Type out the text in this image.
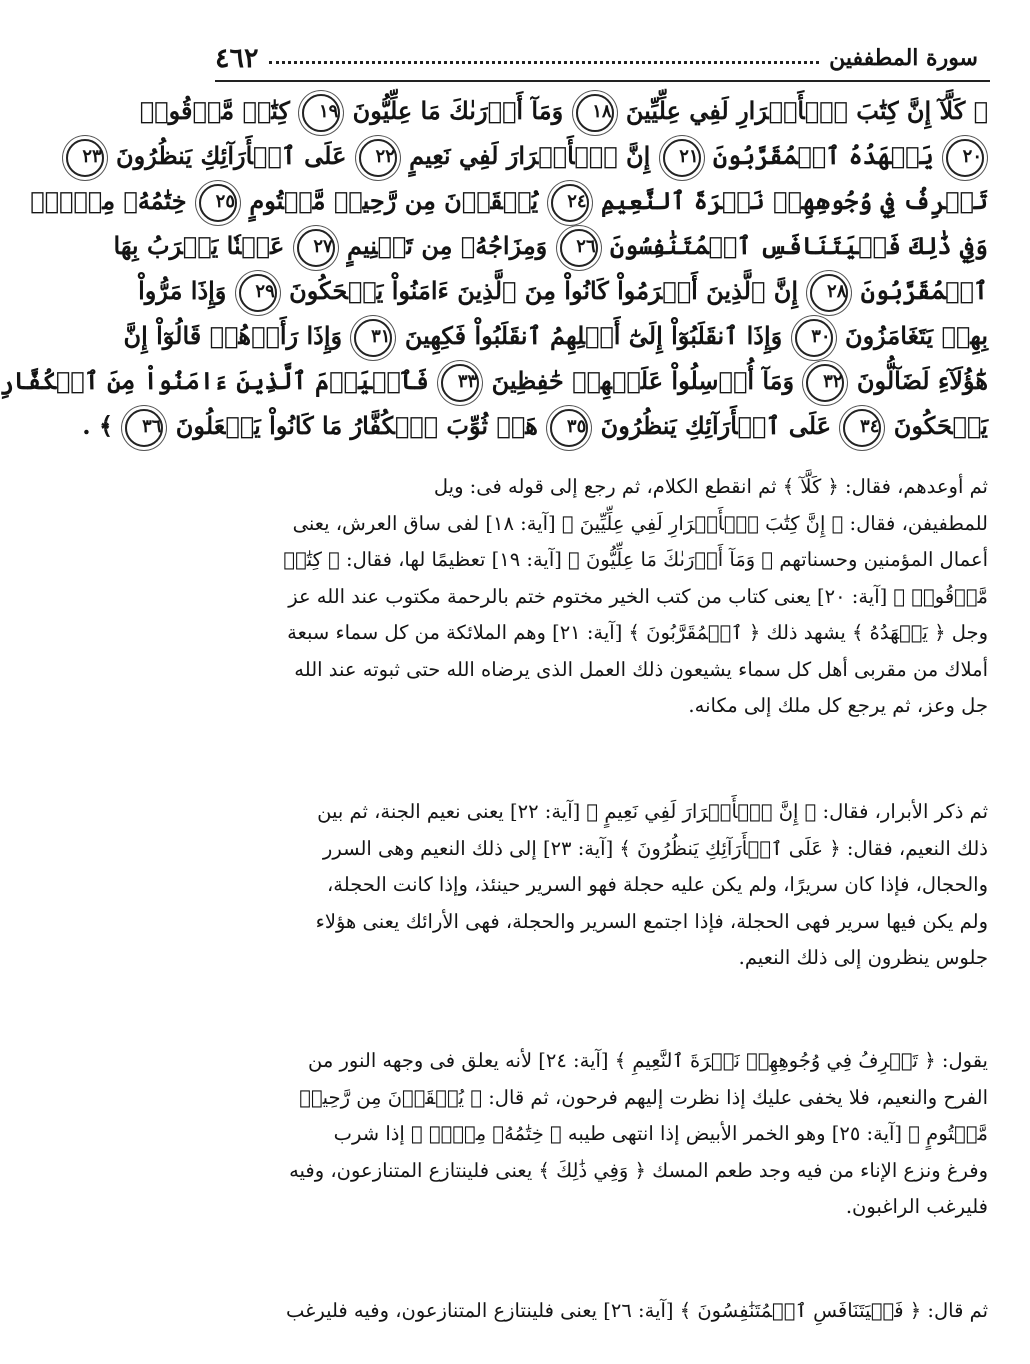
سورة المطففين
٤٦٢
﴿ كَلَّآ إِنَّ كِتَٰبَ ٱلۡأَبۡرَارِ لَفِي عِلِّيِّينَ ١٨ وَمَآ أَدۡرَىٰكَ مَا عِلِّيُّونَ ١٩ كِتَٰبٞ مَّرۡقُومٞ
٢٠ يَشۡهَدُهُ ٱلۡمُقَرَّبُونَ ٢١ إِنَّ ٱلۡأَبۡرَارَ لَفِي نَعِيمٍ ٢٢ عَلَى ٱلۡأَرَآئِكِ يَنظُرُونَ ٢٣
تَعۡرِفُ فِي وُجُوهِهِمۡ نَضۡرَةَ ٱلنَّعِيمِ ٢٤ يُسۡقَوۡنَ مِن رَّحِيقٖ مَّخۡتُومٍ ٢٥ خِتَٰمُهُۥ مِسۡكٞۚ
وَفِي ذَٰلِكَ فَلۡيَتَنَافَسِ ٱلۡمُتَنَٰفِسُونَ ٢٦ وَمِزَاجُهُۥ مِن تَسۡنِيمٍ ٢٧ عَيۡنٗا يَشۡرَبُ بِهَا
ٱلۡمُقَرَّبُونَ ٢٨ إِنَّ ٱلَّذِينَ أَجۡرَمُواْ كَانُواْ مِنَ ٱلَّذِينَ ءَامَنُواْ يَضۡحَكُونَ ٢٩ وَإِذَا مَرُّواْ
بِهِمۡ يَتَغَامَزُونَ ٣٠ وَإِذَا ٱنقَلَبُوٓاْ إِلَىٰٓ أَهۡلِهِمُ ٱنقَلَبُواْ فَكِهِينَ ٣١ وَإِذَا رَأَوۡهُمۡ قَالُوٓاْ إِنَّ
هَٰٓؤُلَآءِ لَضَآلُّونَ ٣٢ وَمَآ أُرۡسِلُواْ عَلَيۡهِمۡ حَٰفِظِينَ ٣٣ فَٱلۡيَوۡمَ ٱلَّذِينَ ءَامَنُواْ مِنَ ٱلۡكُفَّارِ
يَضۡحَكُونَ ٣٤ عَلَى ٱلۡأَرَآئِكِ يَنظُرُونَ ٣٥ هَلۡ ثُوِّبَ ٱلۡكُفَّارُ مَا كَانُواْ يَفۡعَلُونَ ٣٦ ﴾ .

ثم أوعدهم، فقال: ﴿ كَلَّآ ﴾ ثم انقطع الكلام، ثم رجع إلى قوله فى: ويل
للمطفيفن، فقال: ﴿ إِنَّ كِتَٰبَ ٱلۡأَبۡرَارِ لَفِي عِلِّيِّينَ ﴾ [آية: ١٨] لفى ساق العرش، يعنى
أعمال المؤمنين وحسناتهم ﴿ وَمَآ أَدۡرَىٰكَ مَا عِلِّيُّونَ ﴾ [آية: ١٩] تعظيمًا لها، فقال: ﴿ كِتَٰبٞ
مَّرۡقُومٞ ﴾ [آية: ٢٠] يعنى كتاب من كتب الخير مختوم ختم بالرحمة مكتوب عند الله عز
وجل ﴿ يَشۡهَدُهُ ﴾ يشهد ذلك ﴿ ٱلۡمُقَرَّبُونَ ﴾ [آية: ٢١] وهم الملائكة من كل سماء سبعة
أملاك من مقربى أهل كل سماء يشيعون ذلك العمل الذى يرضاه الله حتى ثبوته عند الله
جل وعز، ثم يرجع كل ملك إلى مكانه.

ثم ذكر الأبرار، فقال: ﴿ إِنَّ ٱلۡأَبۡرَارَ لَفِي نَعِيمٍ ﴾ [آية: ٢٢] يعنى نعيم الجنة، ثم بين
ذلك النعيم، فقال: ﴿ عَلَى ٱلۡأَرَآئِكِ يَنظُرُونَ ﴾ [آية: ٢٣] إلى ذلك النعيم وهى السرر
والحجال، فإذا كان سريرًا، ولم يكن عليه حجلة فهو السرير حينئذ، وإذا كانت الحجلة،
ولم يكن فيها سرير فهى الحجلة، فإذا اجتمع السرير والحجلة، فهى الأرائك يعنى هؤلاء
جلوس ينظرون إلى ذلك النعيم.

يقول: ﴿ تَعۡرِفُ فِي وُجُوهِهِمۡ نَضۡرَةَ ٱلنَّعِيمِ ﴾ [آية: ٢٤] لأنه يعلق فى وجهه النور من
الفرح والنعيم، فلا يخفى عليك إذا نظرت إليهم فرحون، ثم قال: ﴿ يُسۡقَوۡنَ مِن رَّحِيقٖ
مَّخۡتُومٍ ﴾ [آية: ٢٥] وهو الخمر الأبيض إذا انتهى طيبه ﴿ خِتَٰمُهُۥ مِسۡكٞ ﴾ إذا شرب
وفرغ ونزع الإناء من فيه وجد طعم المسك ﴿ وَفِي ذَٰلِكَ ﴾ يعنى فلينتازع المتنازعون، وفيه
فليرغب الراغبون.

ثم قال: ﴿ فَلۡيَتَنَافَسِ ٱلۡمُتَنَٰفِسُونَ ﴾ [آية: ٢٦] يعنى فلينتازع المتنازعون، وفيه فليرغب
